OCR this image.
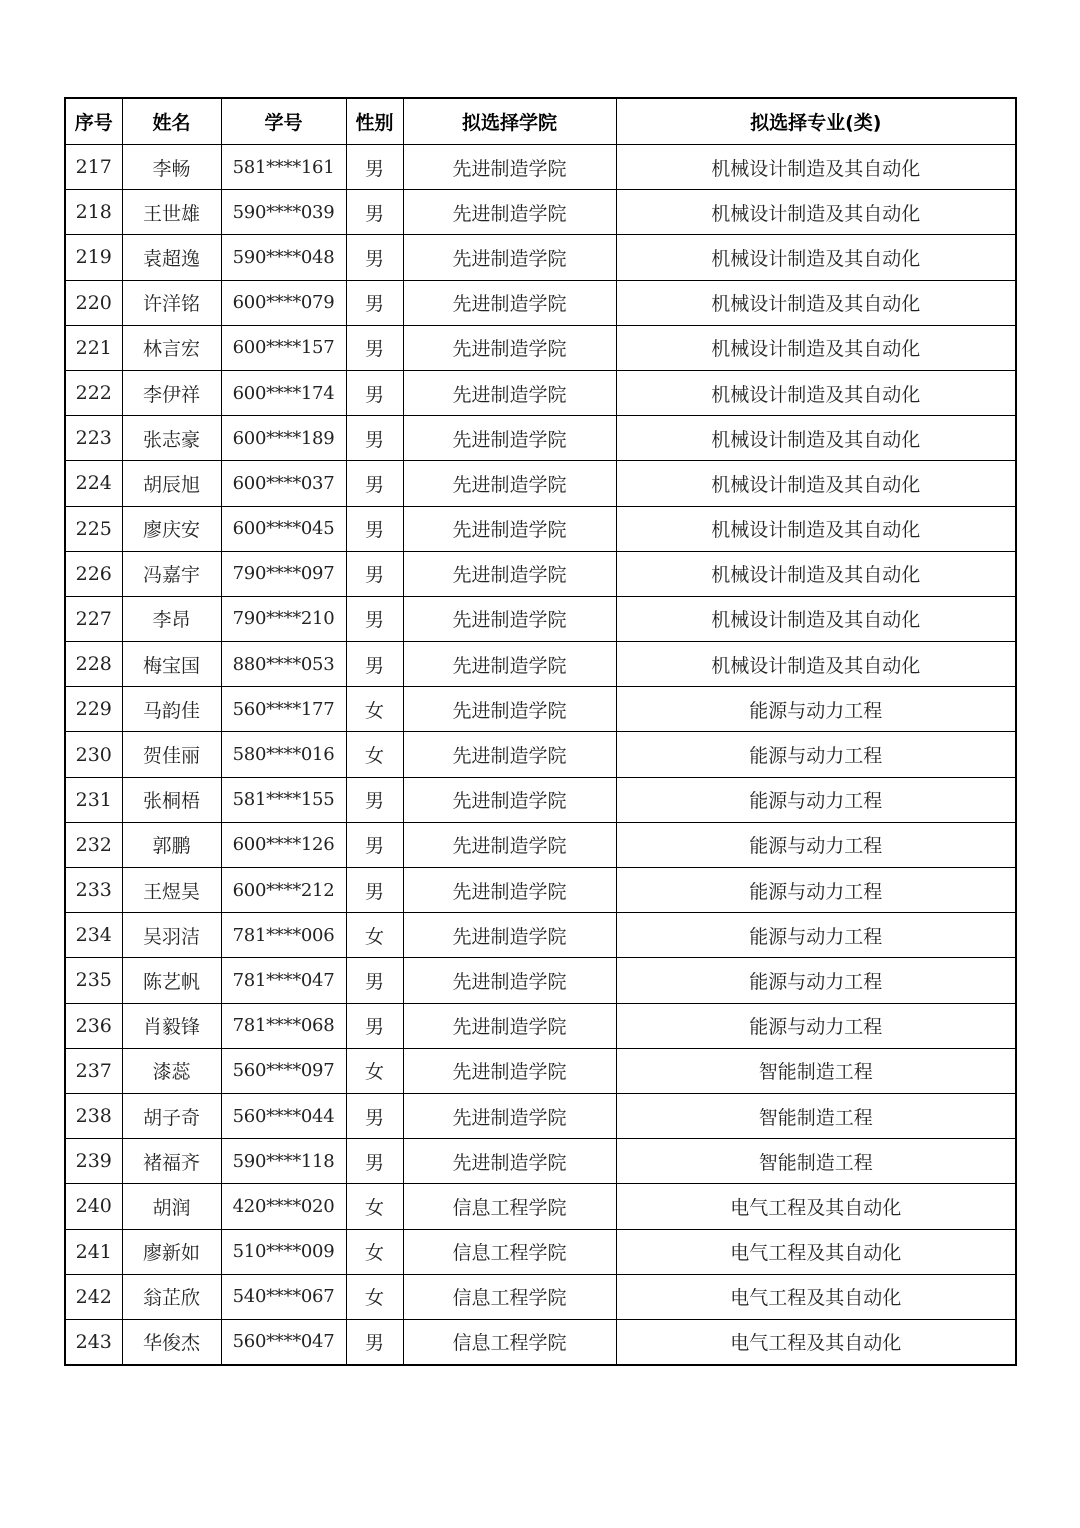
序号	姓名	学号	性别	拟选择学院	拟选择专业(类)
217	李畅	581****161	男	先进制造学院	机械设计制造及其自动化
218	王世雄	590****039	男	先进制造学院	机械设计制造及其自动化
219	袁超逸	590****048	男	先进制造学院	机械设计制造及其自动化
220	许洋铭	600****079	男	先进制造学院	机械设计制造及其自动化
221	林言宏	600****157	男	先进制造学院	机械设计制造及其自动化
222	李伊祥	600****174	男	先进制造学院	机械设计制造及其自动化
223	张志豪	600****189	男	先进制造学院	机械设计制造及其自动化
224	胡辰旭	600****037	男	先进制造学院	机械设计制造及其自动化
225	廖庆安	600****045	男	先进制造学院	机械设计制造及其自动化
226	冯嘉宇	790****097	男	先进制造学院	机械设计制造及其自动化
227	李昂	790****210	男	先进制造学院	机械设计制造及其自动化
228	梅宝国	880****053	男	先进制造学院	机械设计制造及其自动化
229	马韵佳	560****177	女	先进制造学院	能源与动力工程
230	贺佳丽	580****016	女	先进制造学院	能源与动力工程
231	张桐梧	581****155	男	先进制造学院	能源与动力工程
232	郭鹏	600****126	男	先进制造学院	能源与动力工程
233	王煜昊	600****212	男	先进制造学院	能源与动力工程
234	吴羽洁	781****006	女	先进制造学院	能源与动力工程
235	陈艺帆	781****047	男	先进制造学院	能源与动力工程
236	肖毅锋	781****068	男	先进制造学院	能源与动力工程
237	漆蕊	560****097	女	先进制造学院	智能制造工程
238	胡子奇	560****044	男	先进制造学院	智能制造工程
239	褚福齐	590****118	男	先进制造学院	智能制造工程
240	胡润	420****020	女	信息工程学院	电气工程及其自动化
241	廖新如	510****009	女	信息工程学院	电气工程及其自动化
242	翁芷欣	540****067	女	信息工程学院	电气工程及其自动化
243	华俊杰	560****047	男	信息工程学院	电气工程及其自动化
